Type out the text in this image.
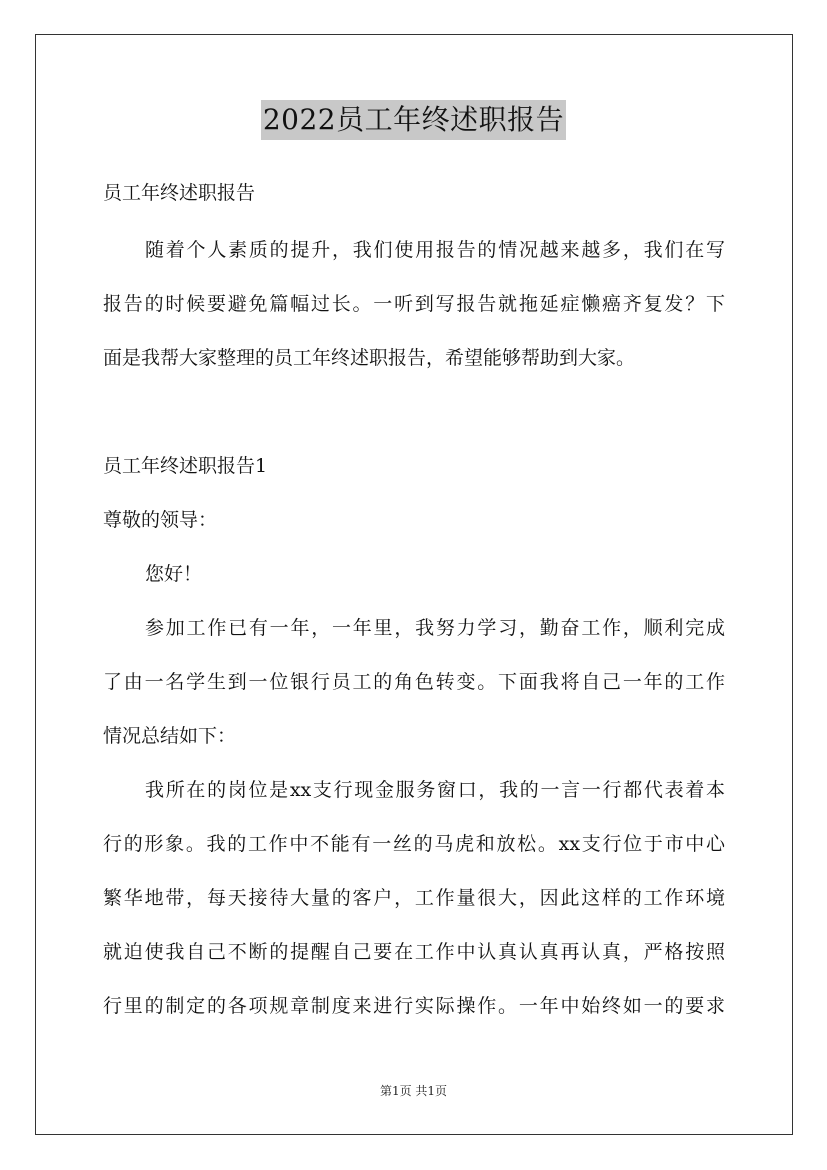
2022员工年终述职报告
员工年终述职报告
随着个人素质的提升，我们使用报告的情况越来越多，我们在写
报告的时候要避免篇幅过长。一听到写报告就拖延症懒癌齐复发？下
面是我帮大家整理的员工年终述职报告，希望能够帮助到大家。
员工年终述职报告1
尊敬的领导：
您好！
参加工作已有一年，一年里，我努力学习，勤奋工作，顺利完成
了由一名学生到一位银行员工的角色转变。下面我将自己一年的工作
情况总结如下：
我所在的岗位是xx支行现金服务窗口，我的一言一行都代表着本
行的形象。我的工作中不能有一丝的马虎和放松。xx支行位于市中心
繁华地带，每天接待大量的客户，工作量很大，因此这样的工作环境
就迫使我自己不断的提醒自己要在工作中认真认真再认真，严格按照
行里的制定的各项规章制度来进行实际操作。一年中始终如一的要求
第1页 共1页
